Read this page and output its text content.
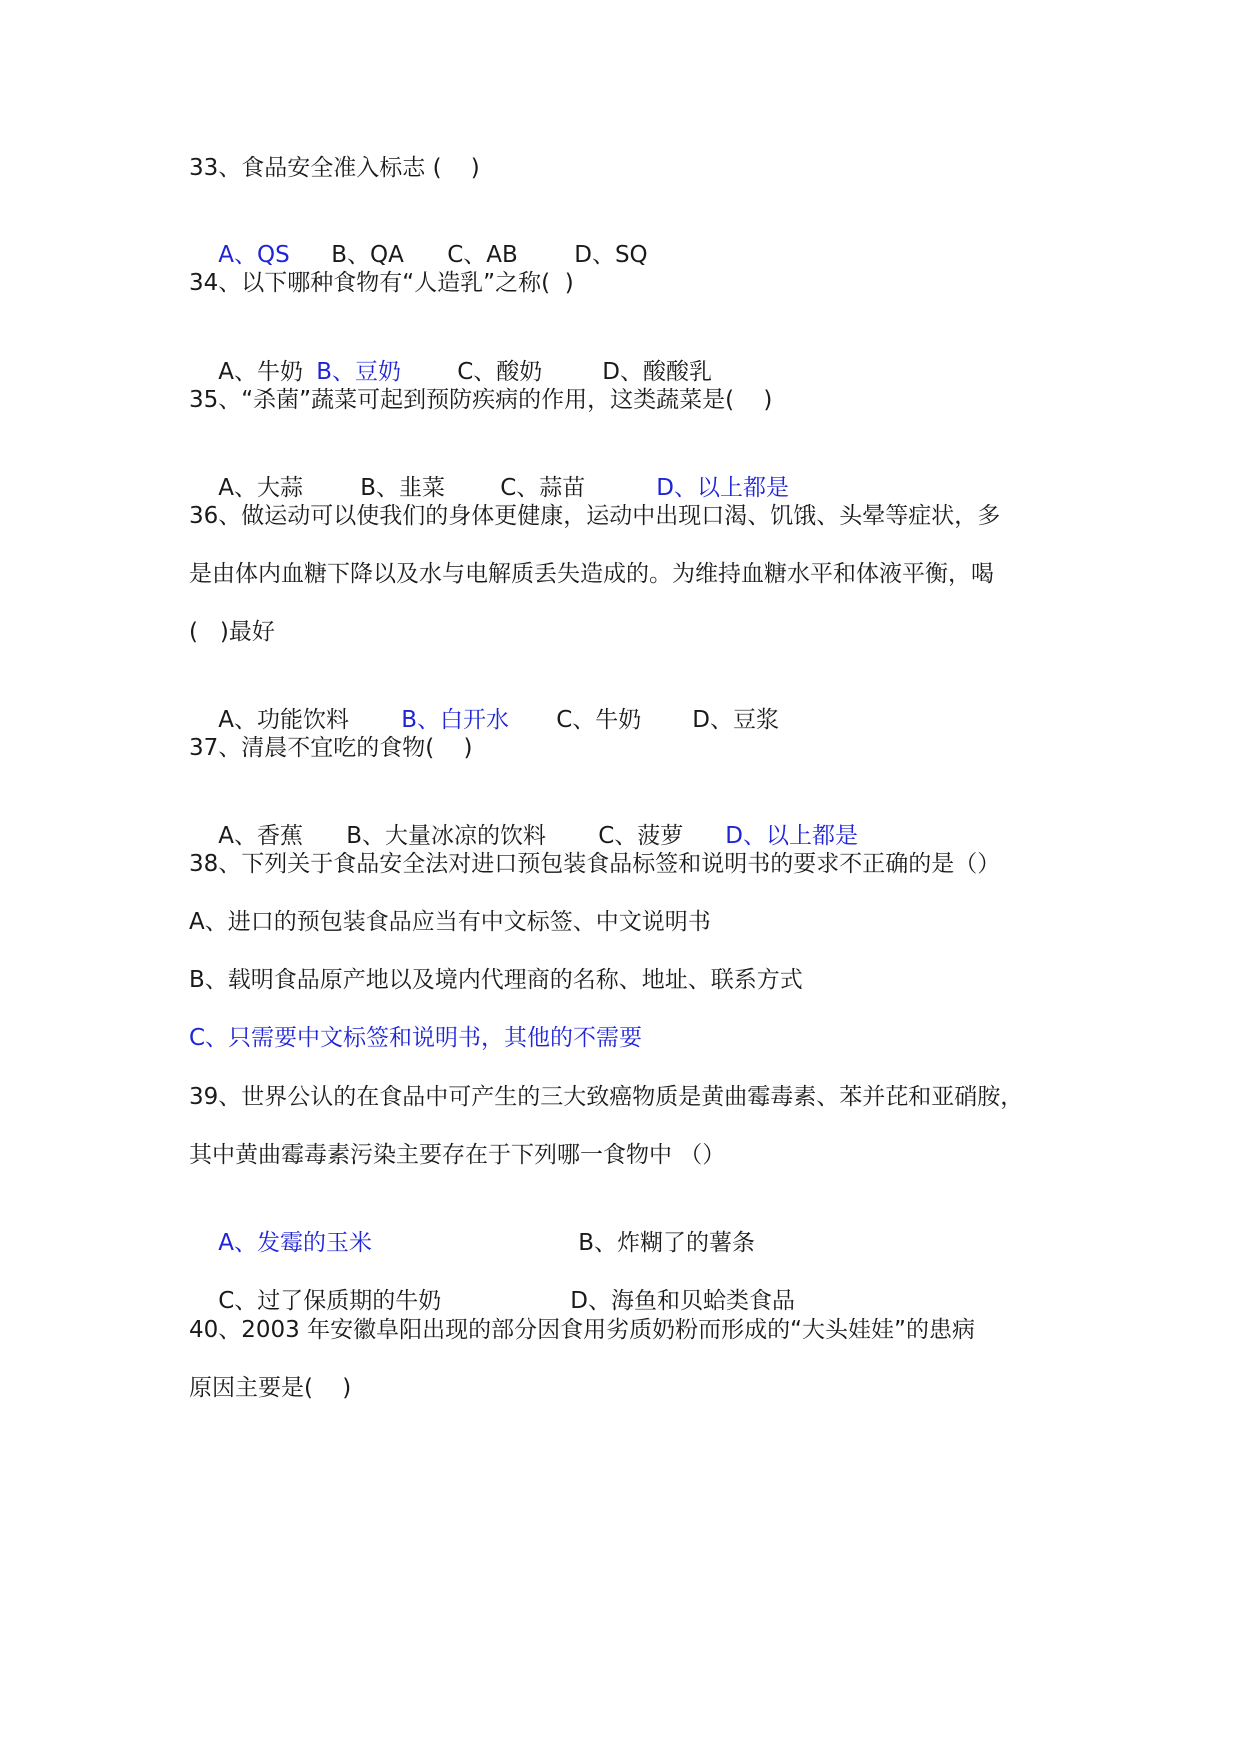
33、食品安全准入标志 (    )

A、QS B、QA C、AB D、SQ

34、以下哪种食物有“人造乳”之称(  )

A、牛奶 B、豆奶 C、酸奶	D、酸酸乳

35、“杀菌”蔬菜可起到预防疾病的作用，这类蔬菜是(    )

A、大蒜 B、韭菜 C、蒜苗	D、以上都是

36、做运动可以使我们的身体更健康，运动中出现口渴、饥饿、头晕等症状，多
是由体内血糖下降以及水与电解质丢失造成的。为维持血糖水平和体液平衡，喝
(   )最好

A、功能饮料 B、白开水 C、牛奶 D、豆浆

37、清晨不宜吃的食物(    )

A、香蕉 B、大量冰凉的饮料 C、菠萝 D、以上都是

38、下列关于食品安全法对进口预包装食品标签和说明书的要求不正确的是（）
A、进口的预包装食品应当有中文标签、中文说明书
B、载明食品原产地以及境内代理商的名称、地址、联系方式
C、只需要中文标签和说明书，其他的不需要
39、世界公认的在食品中可产生的三大致癌物质是黄曲霉毒素、苯并芘和亚硝胺，
其中黄曲霉毒素污染主要存在于下列哪一食物中 （）

A、发霉的玉米	B、炸糊了的薯条

C、过了保质期的牛奶	D、海鱼和贝蛤类食品

40、2003 年安徽阜阳出现的部分因食用劣质奶粉而形成的“大头娃娃”的患病
原因主要是(    )
